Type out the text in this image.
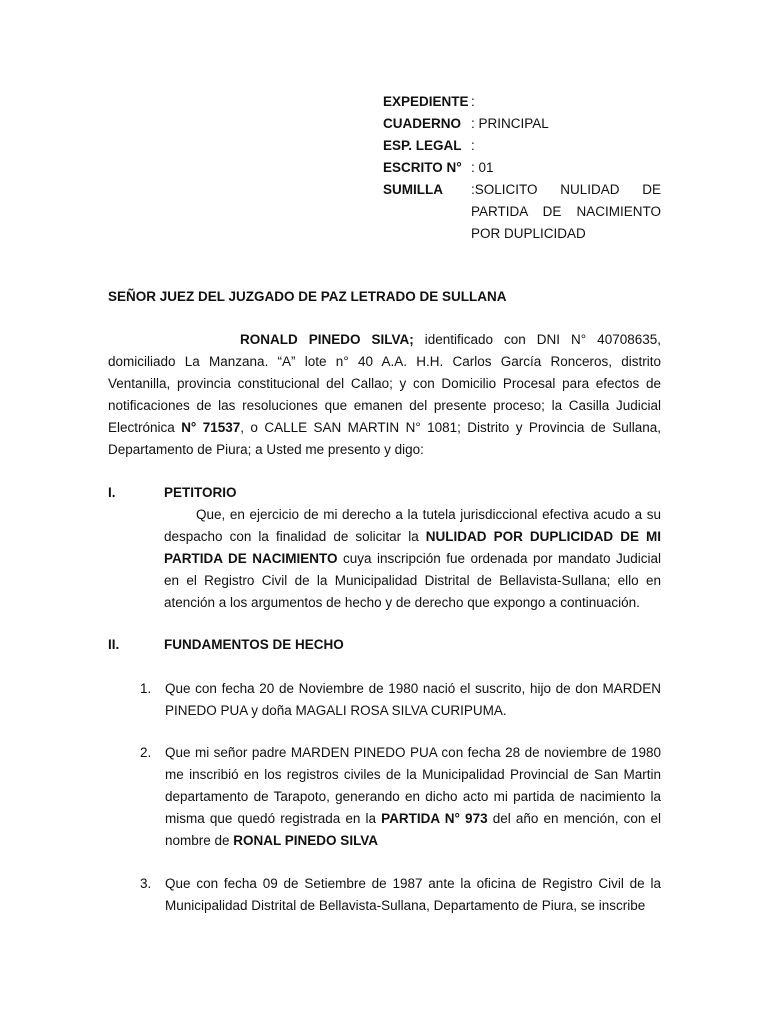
EXPEDIENTE :
CUADERNO : PRINCIPAL
ESP. LEGAL :
ESCRITO N° : 01
SUMILLA	:SOLICITO NULIDAD DE PARTIDA DE NACIMIENTO POR DUPLICIDAD
SEÑOR JUEZ DEL JUZGADO DE PAZ LETRADO DE SULLANA
RONALD PINEDO SILVA; identificado con DNI N° 40708635, domiciliado La Manzana. “A” lote n° 40 A.A. H.H. Carlos García Ronceros, distrito Ventanilla, provincia constitucional del Callao; y con Domicilio Procesal para efectos de notificaciones de las resoluciones que emanen del presente proceso; la Casilla Judicial Electrónica N° 71537, o CALLE SAN MARTIN N° 1081; Distrito y Provincia de Sullana, Departamento de Piura; a Usted me presento y digo:
I.	PETITORIO
Que, en ejercicio de mi derecho a la tutela jurisdiccional efectiva acudo a su despacho con la finalidad de solicitar la NULIDAD POR DUPLICIDAD DE MI PARTIDA DE NACIMIENTO cuya inscripción fue ordenada por mandato Judicial en el Registro Civil de la Municipalidad Distrital de Bellavista-Sullana; ello en atención a los argumentos de hecho y de derecho que expongo a continuación.
II.	FUNDAMENTOS DE HECHO
1.	Que con fecha 20 de Noviembre de 1980 nació el suscrito, hijo de don MARDEN PINEDO PUA y doña MAGALI ROSA SILVA CURIPUMA.
2.	Que mi señor padre MARDEN PINEDO PUA con fecha 28 de noviembre de 1980 me inscribió en los registros civiles de la Municipalidad Provincial de San Martin departamento de Tarapoto, generando en dicho acto mi partida de nacimiento la misma que quedó registrada en la PARTIDA N° 973 del año en mención, con el nombre de RONAL PINEDO SILVA
3.	Que con fecha 09 de Setiembre de 1987 ante la oficina de Registro Civil de la Municipalidad Distrital de Bellavista-Sullana, Departamento de Piura, se inscribe
